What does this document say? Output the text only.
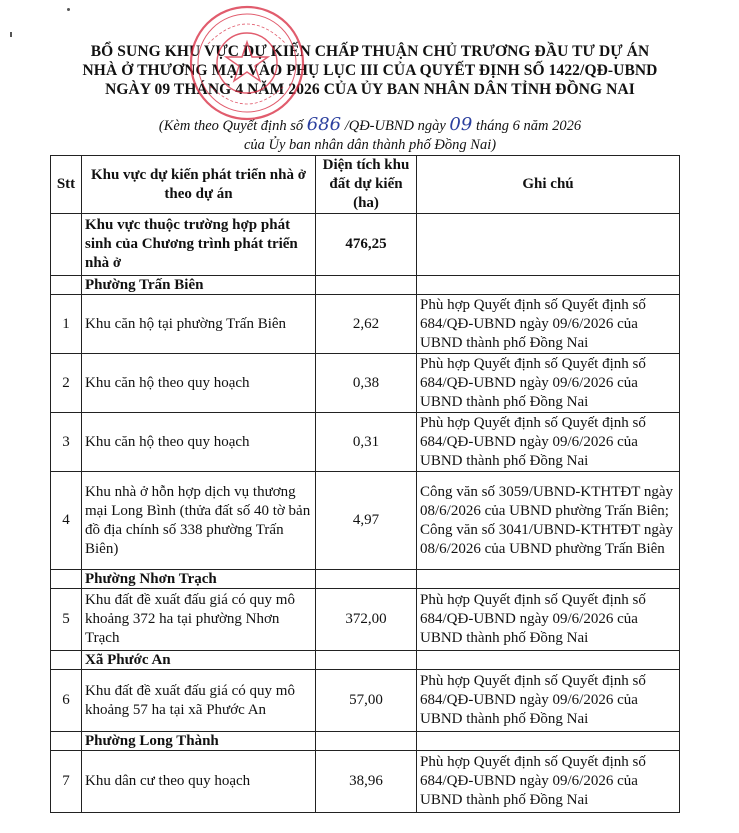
BỔ SUNG KHU VỰC DỰ KIẾN CHẤP THUẬN CHỦ TRƯƠNG ĐẦU TƯ DỰ ÁN
NHÀ Ở THƯƠNG MẠI VÀO PHỤ LỤC III CỦA QUYẾT ĐỊNH SỐ 1422/QĐ-UBND
NGÀY 09 THÁNG 4 NĂM 2026 CỦA ỦY BAN NHÂN DÂN TỈNH ĐỒNG NAI
(Kèm theo Quyết định số 686 /QĐ-UBND ngày 09 tháng 6 năm 2026
của Ủy ban nhân dân thành phố Đồng Nai)
Stt	Khu vực dự kiến phát triển nhà ở theo dự án	Diện tích khu đất dự kiến (ha)	Ghi chú
	Khu vực thuộc trường hợp phát sinh của Chương trình phát triển nhà ở	476,25	
	Phường Trấn Biên		
1	Khu căn hộ tại phường Trấn Biên	2,62	Phù hợp Quyết định số Quyết định số 684/QĐ-UBND ngày 09/6/2026 của UBND thành phố Đồng Nai
2	Khu căn hộ theo quy hoạch	0,38	Phù hợp Quyết định số Quyết định số 684/QĐ-UBND ngày 09/6/2026 của UBND thành phố Đồng Nai
3	Khu căn hộ theo quy hoạch	0,31	Phù hợp Quyết định số Quyết định số 684/QĐ-UBND ngày 09/6/2026 của UBND thành phố Đồng Nai
4	Khu nhà ở hỗn hợp dịch vụ thương mại Long Bình (thửa đất số 40 tờ bản đồ địa chính số 338 phường Trấn Biên)	4,97	Công văn số 3059/UBND-KTHTĐT ngày 08/6/2026 của UBND phường Trấn Biên; Công văn số 3041/UBND-KTHTĐT ngày 08/6/2026 của UBND phường Trấn Biên
	Phường Nhơn Trạch		
5	Khu đất đề xuất đấu giá có quy mô khoảng 372 ha tại phường Nhơn Trạch	372,00	Phù hợp Quyết định số Quyết định số 684/QĐ-UBND ngày 09/6/2026 của UBND thành phố Đồng Nai
	Xã Phước An		
6	Khu đất đề xuất đấu giá có quy mô khoảng 57 ha tại xã Phước An	57,00	Phù hợp Quyết định số Quyết định số 684/QĐ-UBND ngày 09/6/2026 của UBND thành phố Đồng Nai
	Phường Long Thành		
7	Khu dân cư theo quy hoạch	38,96	Phù hợp Quyết định số Quyết định số 684/QĐ-UBND ngày 09/6/2026 của UBND thành phố Đồng Nai
